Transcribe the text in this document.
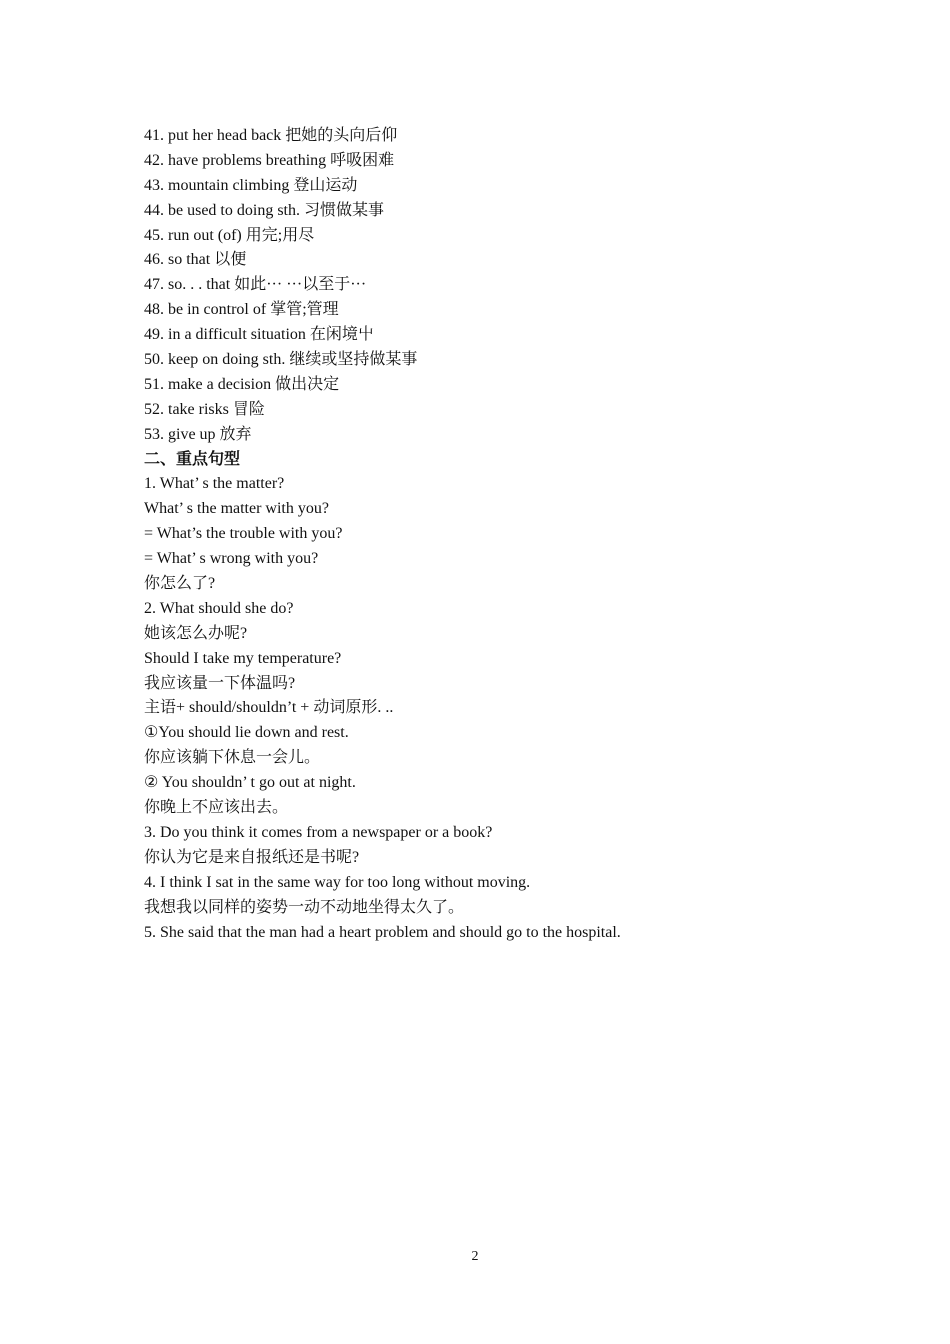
41. put her head back 把她的头向后仰
42. have problems breathing 呼吸困难
43. mountain climbing 登山运动
44. be used to doing sth. 习惯做某事
45. run out (of) 用完;用尽
46. so that 以便
47. so. . . that 如此··· ···以至于···
48. be in control of 掌管;管理
49. in a difficult situation 在闲境屮
50. keep on doing sth. 继续或坚持做某事
51. make a decision 做出决定
52. take risks 冒险
53. give up 放弃
二、重点句型
1. What’ s the matter?
What’ s the matter with you?
= What’s the trouble with you?
= What’ s wrong with you?
你怎么了?
2. What should she do?
她该怎么办呢?
Should I take my temperature?
我应该量一下体温吗?
主语+ should/shouldn’t + 动词原形. ..
①You should lie down and rest.
你应该躺下休息一会儿。
② You shouldn’ t go out at night.
你晚上不应该出去。
3. Do you think it comes from a newspaper or a book?
你认为它是来自报纸还是书呢?
4. I think I sat in the same way for too long without moving.
我想我以同样的姿势一动不动地坐得太久了。
5. She said that the man had a heart problem and should go to the hospital.
2
